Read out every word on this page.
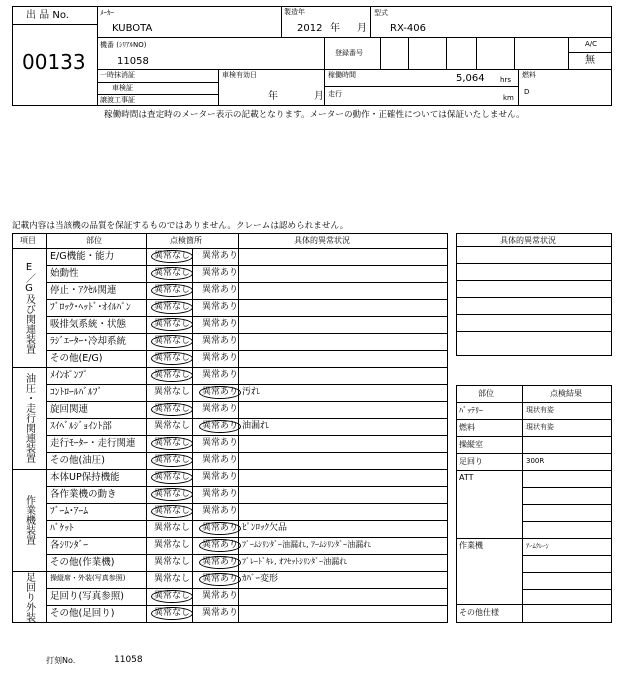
出 品 No.
00133
ﾒｰｶｰ
KUBOTA
製造年
2012 年 月
型式
RX-406
機番 (ｼﾘｱﾙNO)
11058
登録番号
A/C
無
一時抹消証
車検証
譲渡工事証
車検有効日
年	月
稼働時間	5,064 hrs
走行	km
燃料
D
稼働時間は査定時のメーター表示の記載となります。メーターの動作・正確性については保証いたしません。
記載内容は当該機の品質を保証するものではありません。クレームは認められません。
項目	部位	点検箇所	具体的異常状況
E／G及び関連装置
E/G機能・能力	異常なし	異常あり
始動性	異常なし	異常あり
停止・ｱｸｾﾙ関連	異常なし	異常あり
ﾌﾞﾛｯｸ･ﾍｯﾄﾞ･ｵｲﾙﾊﾟﾝ	異常なし	異常あり
吸排気系統・状態	異常なし	異常あり
ﾗｼﾞｴｰﾀｰ･冷却系統	異常なし	異常あり
その他(E/G)	異常なし	異常あり
油圧・走行関連装置	ﾒｲﾝﾎﾟﾝﾌﾟ	異常なし	異常あり
ｺﾝﾄﾛｰﾙﾊﾞﾙﾌﾞ	異常なし	異常あり 汚れ
旋回関連	異常なし	異常あり
ｽｲﾍﾞﾙｼﾞｮｲﾝﾄ部	異常なし	異常あり 油漏れ
走行ﾓｰﾀｰ・走行関連	異常なし	異常あり
その他(油圧)	異常なし	異常あり
作業機装置
本体UP保持機能	異常なし	異常あり
各作業機の動き	異常なし	異常あり
ﾌﾞｰﾑ･ｱｰﾑ	異常なし	異常あり
ﾊﾞｹｯﾄ	異常なし	異常あり ﾋﾟﾝﾛｯｸ欠品
各ｼﾘﾝﾀﾞｰ	異常なし	異常あり ﾌﾞｰﾑｼﾘﾝﾀﾞｰ油漏れ, ｱｰﾑｼﾘﾝﾀﾞｰ油漏れ
その他(作業機)	異常なし	異常あり ﾌﾞﾚｰﾄﾞｷﾚ, ｵﾌｾｯﾄｼﾘﾝﾀﾞｰ油漏れ
足回り外装	操縦席・外装(写真参照)	異常なし	異常あり ｶﾊﾞｰ変形
足回り(写真参照)	異常なし	異常あり
その他(足回り)	異常なし	異常あり
具体的異常状況
部位	点検結果
ﾊﾞｯﾃﾘｰ	現状有姿
燃料	現状有姿
操縦室
足回り	300R
ATT
作業機	ｱｰﾑｸﾚｰﾝ
その他仕様
打刻No.	11058
